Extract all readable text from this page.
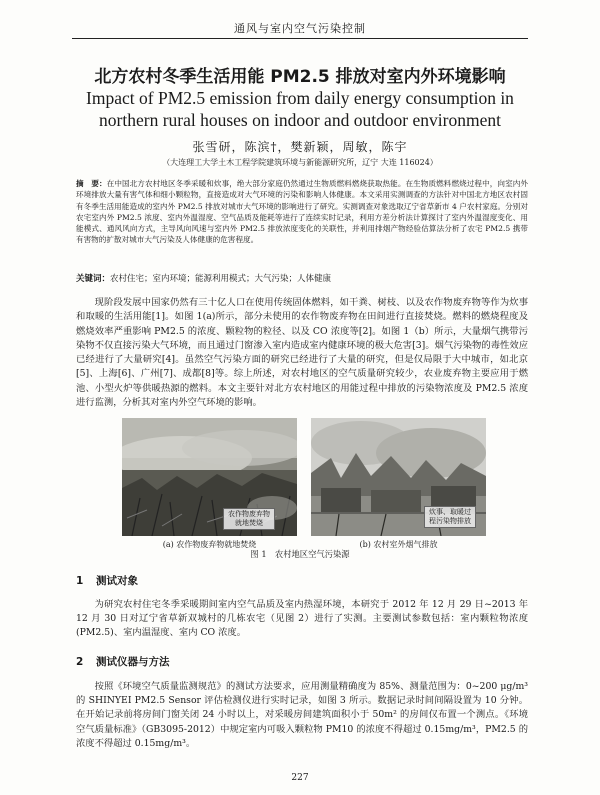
通风与室内空气污染控制
北方农村冬季生活用能 PM2.5 排放对室内外环境影响
Impact of PM2.5 emission from daily energy consumption in northern rural houses on indoor and outdoor environment
张雪研，陈滨†，樊新颖，周敏，陈宇
（大连理工大学土木工程学院建筑环境与新能源研究所，辽宁 大连 116024）
摘　要：在中国北方农村地区冬季采暖和炊事，绝大部分家庭仍然通过生物质燃料燃烧获取热能。在生物质燃料燃烧过程中，向室内外环境排放大量有害气体和细小颗粒物，直接造成对大气环境的污染和影响人体健康。本文采用实测调查的方法针对中国北方地区农村固有冬季生活用能造成的室内外 PM2.5 排放对城市大气环境的影响进行了研究。实测调查对象选取辽宁省草新市 4 户农村家庭。分别对农宅室内外 PM2.5 浓度、室内外温湿度、空气品质及能耗等进行了连续实时记录，利用方差分析法计算探讨了室内外温湿度变化、用能模式、通风风向方式，主导风向风速与室内外 PM2.5 排放浓度变化的关联性，并利用排烟产物经验估算法分析了农宅 PM2.5 携带有害物的扩散对城市大气污染及人体健康的危害程度。
关键词：农村住宅；室内环境；能源利用模式；大气污染；人体健康
现阶段发展中国家仍然有三十亿人口在使用传统固体燃料，如干粪、树枝、以及农作物废弃物等作为炊事和取暖的生活用能[1]。如图 1(a)所示，部分未使用的农作物废弃物在田间进行直接焚烧。燃料的燃烧程度及燃烧效率严重影响 PM2.5 的浓度、颗粒物的粒径、以及 CO 浓度等[2]。如图 1（b）所示，大量烟气携带污染物不仅直接污染大气环境，而且通过门窗渗入室内造成室内健康环境的极大危害[3]。烟气污染物的毒性效应已经进行了大量研究[4]。虽然空气污染方面的研究已经进行了大量的研究，但是仅局限于大中城市，如北京[5]、上海[6]、广州[7]、成都[8]等。综上所述，对农村地区的空气质量研究较少，农业废弃物主要应用于燃池、小型火炉等供暖热源的燃料。本文主要针对北方农村地区的用能过程中排放的污染物浓度及 PM2.5 浓度进行监测，分析其对室内外空气环境的影响。
农作物废弃物就地焚烧
炊事、取暖过程污染物排放
(a) 农作物废弃物就地焚烧	(b) 农村室外烟气排放
图 1　农村地区空气污染源
1 测试对象
为研究农村住宅冬季采暖期间室内空气品质及室内热湿环境，本研究于 2012 年 12 月 29 日~2013 年 12 月 30 日对辽宁省草新双城村的几栋农宅（见图 2）进行了实测。主要测试参数包括：室内颗粒物浓度(PM2.5)、室内温湿度、室内 CO 浓度。
2 测试仪器与方法
按照《环境空气质量监测规范》的测试方法要求，应用测量精确度为 85%、测量范围为：0~200 μg/m³ 的 SHINYEI PM2.5 Sensor 评估检测仪进行实时记录，如图 3 所示。数据记录时间间隔设置为 10 分钟。在开始记录前将房间门窗关闭 24 小时以上，对采暖房间建筑面积小于 50m² 的房间仅布置一个测点。《环境空气质量标准》（GB3095-2012）中规定室内可吸入颗粒物 PM10 的浓度不得超过 0.15mg/m³，PM2.5 的浓度不得超过 0.15mg/m³。
227
